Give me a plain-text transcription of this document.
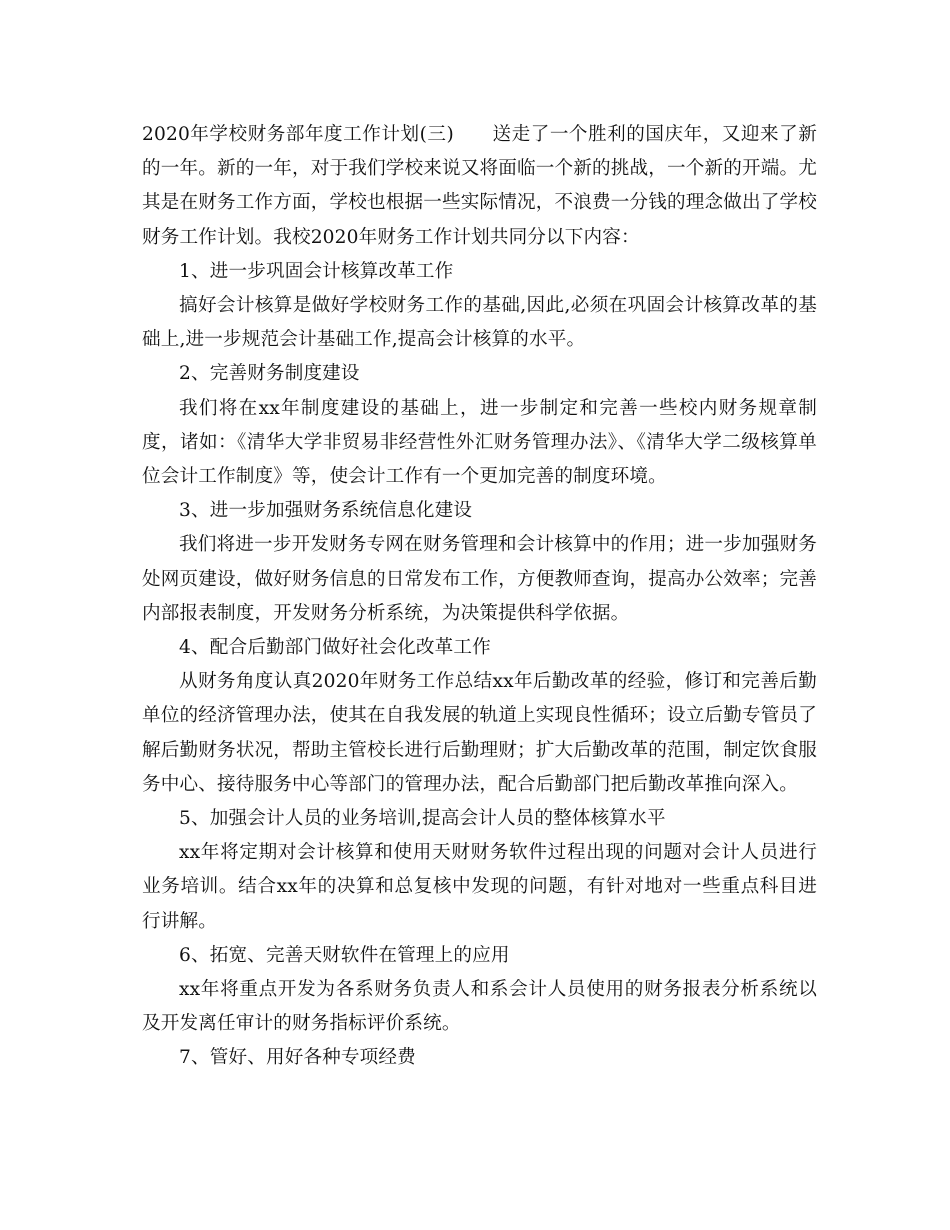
2020年学校财务部年度工作计划(三)　　送走了一个胜利的国庆年，又迎来了新的一年。新的一年，对于我们学校来说又将面临一个新的挑战，一个新的开端。尤其是在财务工作方面，学校也根据一些实际情况，不浪费一分钱的理念做出了学校财务工作计划。我校2020年财务工作计划共同分以下内容：

1、进一步巩固会计核算改革工作

搞好会计核算是做好学校财务工作的基础,因此,必须在巩固会计核算改革的基础上,进一步规范会计基础工作,提高会计核算的水平。

2、完善财务制度建设

我们将在xx年制度建设的基础上，进一步制定和完善一些校内财务规章制度，诸如：《清华大学非贸易非经营性外汇财务管理办法》、《清华大学二级核算单位会计工作制度》等，使会计工作有一个更加完善的制度环境。

3、进一步加强财务系统信息化建设

我们将进一步开发财务专网在财务管理和会计核算中的作用；进一步加强财务处网页建设，做好财务信息的日常发布工作，方便教师查询，提高办公效率；完善内部报表制度，开发财务分析系统，为决策提供科学依据。

4、配合后勤部门做好社会化改革工作

从财务角度认真2020年财务工作总结xx年后勤改革的经验，修订和完善后勤单位的经济管理办法，使其在自我发展的轨道上实现良性循环；设立后勤专管员了解后勤财务状况，帮助主管校长进行后勤理财；扩大后勤改革的范围，制定饮食服务中心、接待服务中心等部门的管理办法，配合后勤部门把后勤改革推向深入。

5、加强会计人员的业务培训,提高会计人员的整体核算水平

xx年将定期对会计核算和使用天财财务软件过程出现的问题对会计人员进行业务培训。结合xx年的决算和总复核中发现的问题，有针对地对一些重点科目进行讲解。

6、拓宽、完善天财软件在管理上的应用

xx年将重点开发为各系财务负责人和系会计人员使用的财务报表分析系统以及开发离任审计的财务指标评价系统。

7、管好、用好各种专项经费
